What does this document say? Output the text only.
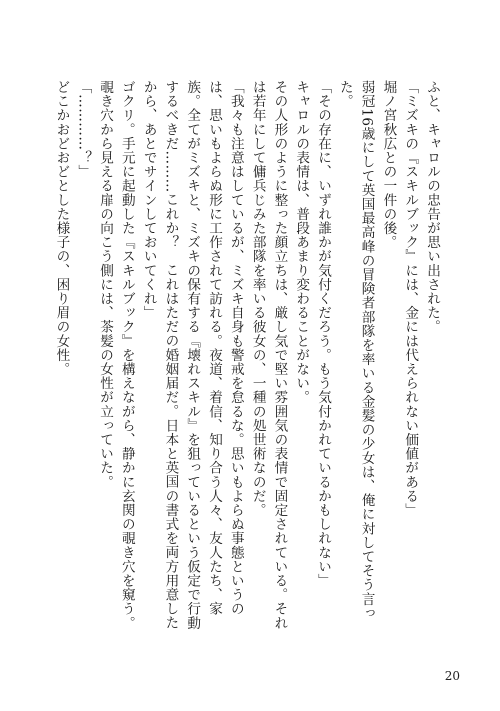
ふと、キャロルの忠告が思い出された。

「ミズキの『スキルブック』には、金には代えられない価値がある」

堀ノ宮秋広との一件の後。

弱冠16歳にして英国最高峰の冒険者部隊を率いる金髪の少女は、俺に対してそう言った。

「その存在に、いずれ誰かが気付くだろう。もう気付かれているかもしれない」

キャロルの表情は、普段あまり変わることがない。

その人形のように整った顔立ちは、厳し気で堅い雰囲気の表情で固定されている。それは若年にして傭兵じみた部隊を率いる彼女の、一種の処世術なのだ。

「我々も注意はしているが、ミズキ自身も警戒を怠るな。思いもよらぬ事態というのは、思いもよらぬ形に工作されて訪れる。夜道、着信、知り合う人々、友人たち、家族。全てがミズキと、ミズキの保有する『壊れスキル』を狙っているという仮定で行動するべきだ………これか？　これはただの婚姻届だ。日本と英国の書式を両方用意したから、あとでサインしておいてくれ」

ゴクリ。手元に起動した『スキルブック』を構えながら、静かに玄関の覗き穴を窺う。

覗き穴から見える扉の向こう側には、茶髪の女性が立っていた。

「…………？」

どこかおどおどとした様子の、困り眉の女性。

20
